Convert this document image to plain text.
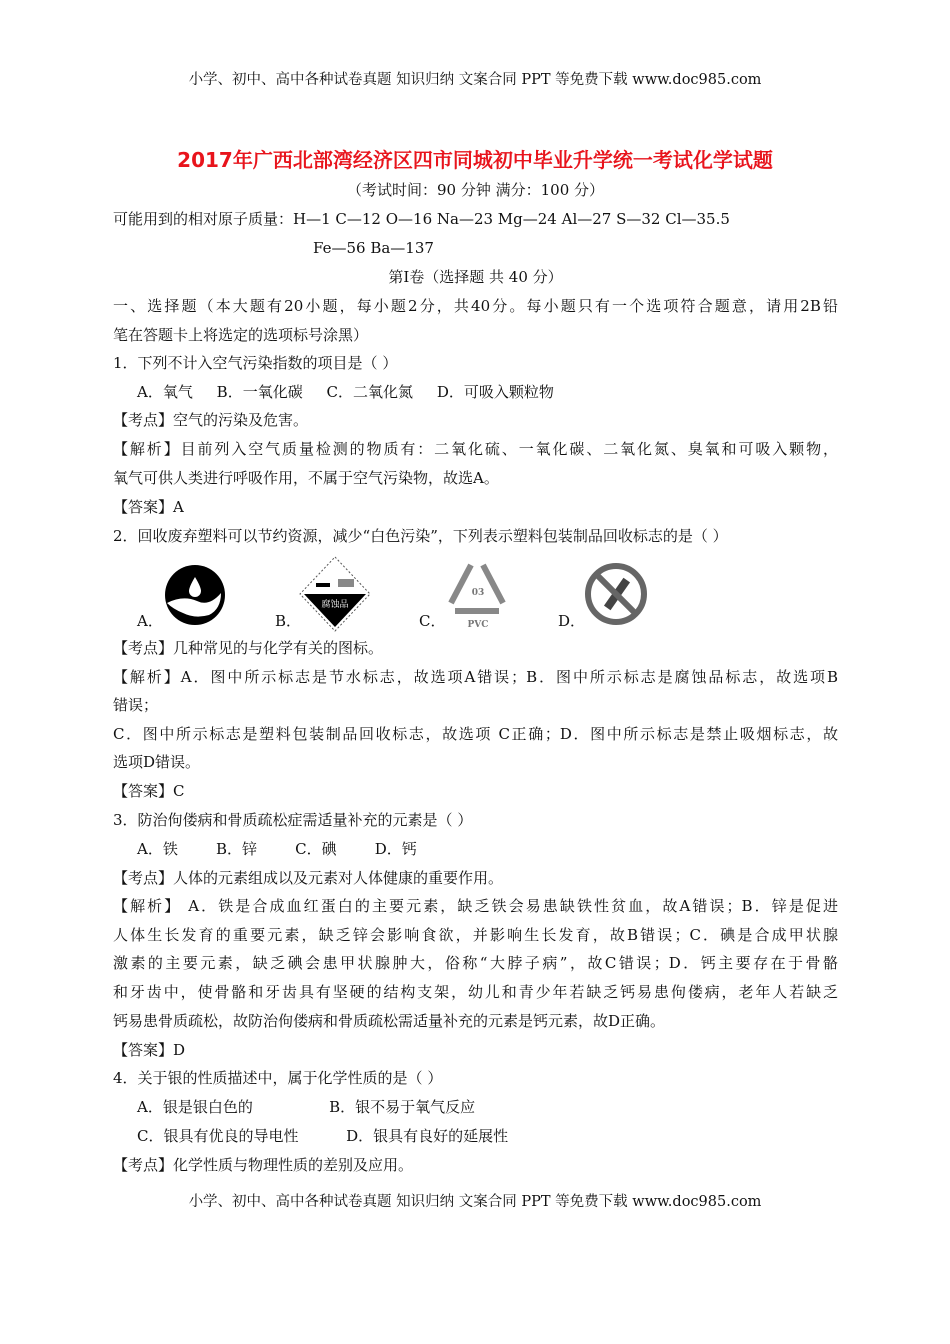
小学、初中、高中各种试卷真题 知识归纳 文案合同 PPT 等免费下载 www.doc985.com
2017年广西北部湾经济区四市同城初中毕业升学统一考试化学试题
（考试时间：90 分钟 满分：100 分）
可能用到的相对原子质量：H—1 C—12 O—16 Na—23 Mg—24 Al—27 S—32 Cl—35.5
Fe—56 Ba—137
第Ⅰ卷（选择题 共 40 分）
一、选择题（本大题有20小题，每小题2分，共40分。每小题只有一个选项符合题意，请用2B铅
笔在答题卡上将选定的选项标号涂黑）
1．下列不计入空气污染指数的项目是（ ）
A．氧气     B．一氧化碳     C．二氧化氮     D．可吸入颗粒物
【考点】空气的污染及危害。
【解析】目前列入空气质量检测的物质有：二氧化硫、一氧化碳、二氧化氮、臭氧和可吸入颗物，
氧气可供人类进行呼吸作用，不属于空气污染物，故选A。
【答案】A
2．回收废弃塑料可以节约资源，减少“白色污染”，下列表示塑料包装制品回收标志的是（ ）
A．	B．
腐蚀品
C．
03
PVC	D．
【考点】几种常见的与化学有关的图标。
【解析】A．图中所示标志是节水标志，故选项A错误；B．图中所示标志是腐蚀品标志，故选项B
错误；
C．图中所示标志是塑料包装制品回收标志，故选项 C正确；D．图中所示标志是禁止吸烟标志，故
选项D错误。
【答案】C
3．防治佝偻病和骨质疏松症需适量补充的元素是（ ）
A．铁        B．锌        C．碘        D．钙
【考点】人体的元素组成以及元素对人体健康的重要作用。
【解析】 A．铁是合成血红蛋白的主要元素，缺乏铁会易患缺铁性贫血，故A错误；B．锌是促进
人体生长发育的重要元素，缺乏锌会影响食欲，并影响生长发育，故B错误；C．碘是合成甲状腺
激素的主要元素，缺乏碘会患甲状腺肿大，俗称“大脖子病”，故C错误；D．钙主要存在于骨骼
和牙齿中，使骨骼和牙齿具有坚硬的结构支架，幼儿和青少年若缺乏钙易患佝偻病，老年人若缺乏
钙易患骨质疏松，故防治佝偻病和骨质疏松需适量补充的元素是钙元素，故D正确。
【答案】D
4．关于银的性质描述中，属于化学性质的是（ ）
A．银是银白色的                B．银不易于氧气反应
C．银具有优良的导电性          D．银具有良好的延展性
【考点】化学性质与物理性质的差别及应用。
小学、初中、高中各种试卷真题 知识归纳 文案合同 PPT 等免费下载 www.doc985.com
